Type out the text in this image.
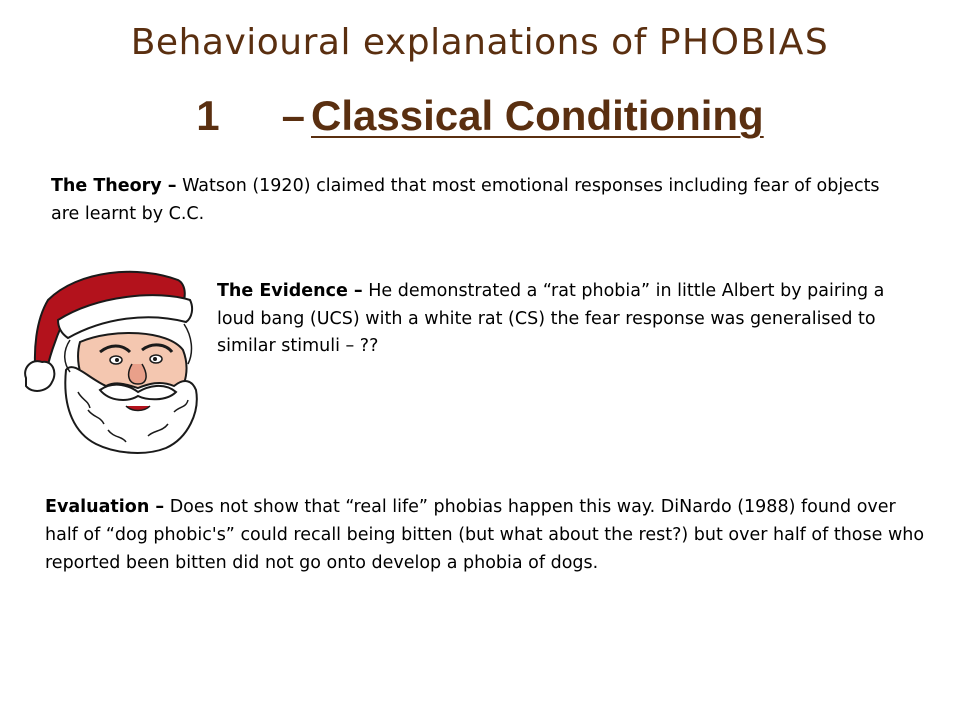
Behavioural explanations of PHOBIAS
1 – Classical Conditioning

The Theory – Watson (1920) claimed that most emotional responses including fear of objects are learnt by C.C.

The Evidence – He demonstrated a “rat phobia” in little Albert by pairing a loud bang (UCS) with a white rat (CS) the fear response was generalised to similar stimuli – ??

Evaluation – Does not show that “real life” phobias happen this way. DiNardo (1988) found over half of “dog phobic's” could recall being bitten (but what about the rest?) but over half of those who reported been bitten did not go onto develop a phobia of dogs.
